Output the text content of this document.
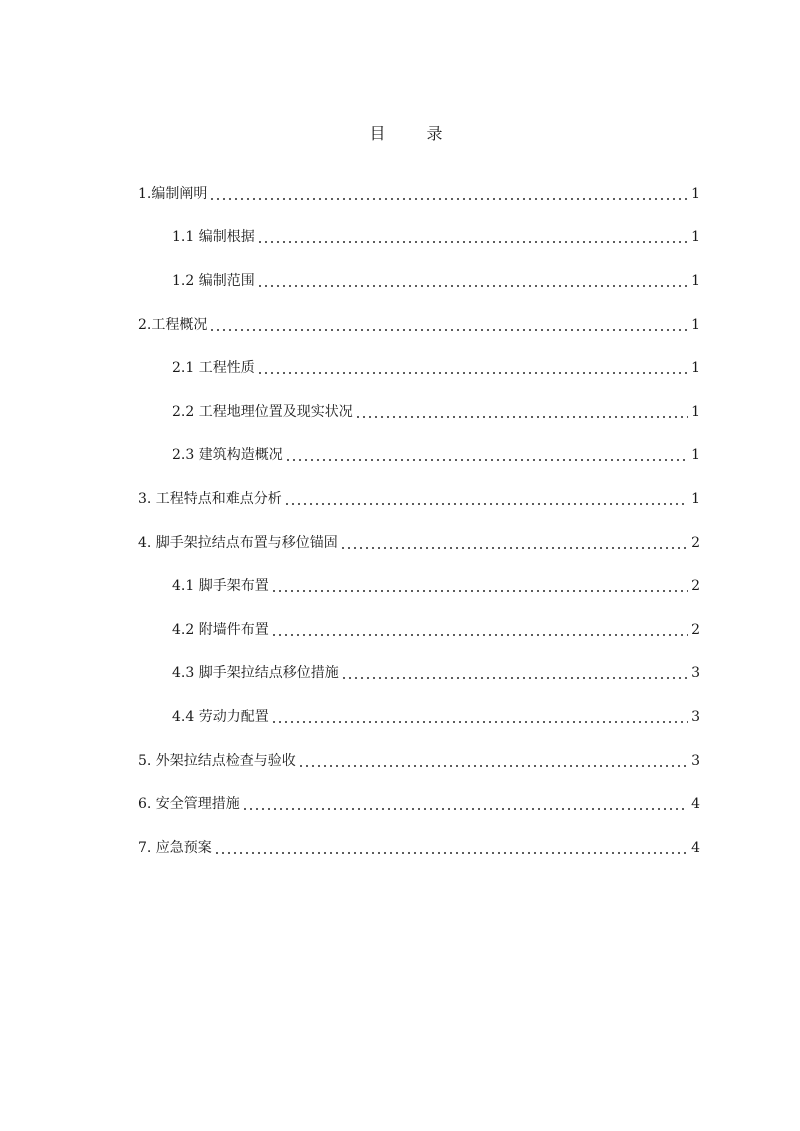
目 录
1.编制阐明	1
1.1 编制根据	1
1.2 编制范围	1
2.工程概况	1
2.1 工程性质	1
2.2 工程地理位置及现实状况	1
2.3 建筑构造概况	1
3. 工程特点和难点分析	1
4. 脚手架拉结点布置与移位锚固	2
4.1 脚手架布置	2
4.2 附墙件布置	2
4.3 脚手架拉结点移位措施	3
4.4 劳动力配置	3
5. 外架拉结点检查与验收	3
6. 安全管理措施	4
7. 应急预案	4
